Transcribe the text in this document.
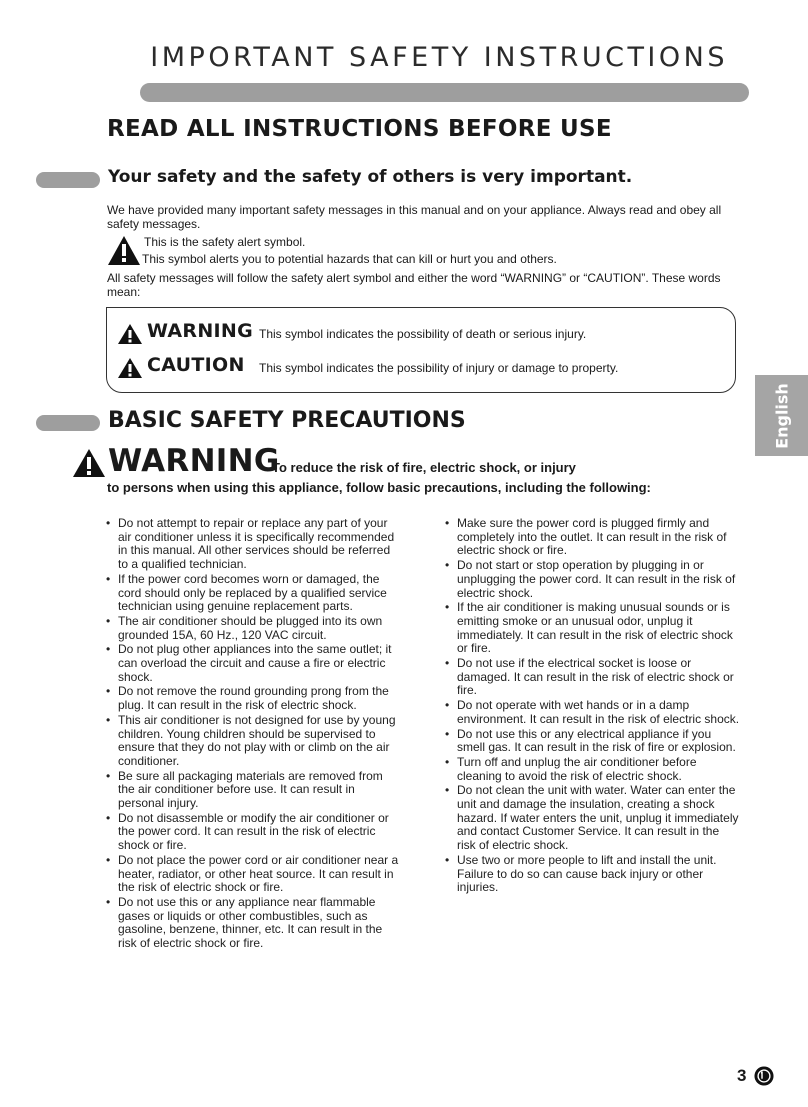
IMPORTANT SAFETY INSTRUCTIONS
READ ALL INSTRUCTIONS BEFORE USE
Your safety and the safety of others is very important.
We have provided many important safety messages in this manual and on your appliance. Always read and obey all safety messages.
This is the safety alert symbol.
This symbol alerts you to potential hazards that can kill or hurt you and others.
All safety messages will follow the safety alert symbol and either the word “WARNING” or “CAUTION”. These words mean:
WARNING This symbol indicates the possibility of death or serious injury.
CAUTION This symbol indicates the possibility of injury or damage to property.
English
BASIC SAFETY PRECAUTIONS
WARNING
To reduce the risk of fire, electric shock, or injury
to persons when using this appliance, follow basic precautions, including the following:
• Do not attempt to repair or replace any part of your air conditioner unless it is specifically recommended in this manual. All other services should be referred to a qualified technician.
• If the power cord becomes worn or damaged, the cord should only be replaced by a qualified service technician using genuine replacement parts.
• The air conditioner should be plugged into its own grounded 15A, 60 Hz., 120 VAC circuit.
• Do not plug other appliances into the same outlet; it can overload the circuit and cause a fire or electric shock.
• Do not remove the round grounding prong from the plug. It can result in the risk of electric shock.
• This air conditioner is not designed for use by young children. Young children should be supervised to ensure that they do not play with or climb on the air conditioner.
• Be sure all packaging materials are removed from the air conditioner before use. It can result in personal injury.
• Do not disassemble or modify the air conditioner or the power cord. It can result in the risk of electric shock or fire.
• Do not place the power cord or air conditioner near a heater, radiator, or other heat source. It can result in the risk of electric shock or fire.
• Do not use this or any appliance near flammable gases or liquids or other combustibles, such as gasoline, benzene, thinner, etc. It can result in the risk of electric shock or fire.
• Make sure the power cord is plugged firmly and completely into the outlet. It can result in the risk of electric shock or fire.
• Do not start or stop operation by plugging in or unplugging the power cord. It can result in the risk of electric shock.
• If the air conditioner is making unusual sounds or is emitting smoke or an unusual odor, unplug it immediately. It can result in the risk of electric shock or fire.
• Do not use if the electrical socket is loose or damaged. It can result in the risk of electric shock or fire.
• Do not operate with wet hands or in a damp environment. It can result in the risk of electric shock.
• Do not use this or any electrical appliance if you smell gas. It can result in the risk of fire or explosion.
• Turn off and unplug the air conditioner before cleaning to avoid the risk of electric shock.
• Do not clean the unit with water. Water can enter the unit and damage the insulation, creating a shock hazard. If water enters the unit, unplug it immediately and contact Customer Service. It can result in the risk of electric shock.
• Use two or more people to lift and install the unit. Failure to do so can cause back injury or other injuries.
3
